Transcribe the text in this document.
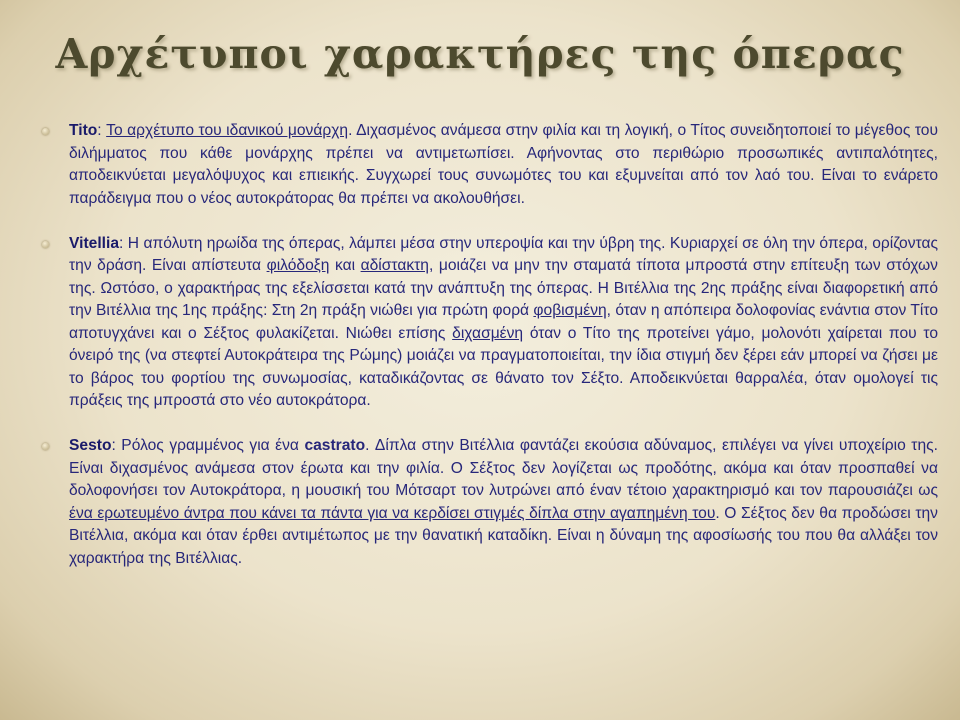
Αρχέτυποι χαρακτήρες της όπερας

Tito: Το αρχέτυπο του ιδανικού μονάρχη. Διχασμένος ανάμεσα στην φιλία και τη λογική, ο Τίτος συνειδητοποιεί το μέγεθος του διλήμματος που κάθε μονάρχης πρέπει να αντιμετωπίσει. Αφήνοντας στο περιθώριο προσωπικές αντιπαλότητες, αποδεικνύεται μεγαλόψυχος και επιεικής. Συγχωρεί τους συνωμότες του και εξυμνείται από τον λαό του. Είναι το ενάρετο παράδειγμα που ο νέος αυτοκράτορας θα πρέπει να ακολουθήσει.

Vitellia: Η απόλυτη ηρωίδα της όπερας, λάμπει μέσα στην υπεροψία και την ύβρη της. Κυριαρχεί σε όλη την όπερα, ορίζοντας την δράση. Είναι απίστευτα φιλόδοξη και αδίστακτη, μοιάζει να μην την σταματά τίποτα μπροστά στην επίτευξη των στόχων της. Ωστόσο, ο χαρακτήρας της εξελίσσεται κατά την ανάπτυξη της όπερας. Η Βιτέλλια της 2ης πράξης είναι διαφορετική από την Βιτέλλια της 1ης πράξης: Στη 2η πράξη νιώθει για πρώτη φορά φοβισμένη, όταν η απόπειρα δολοφονίας ενάντια στον Τίτο αποτυγχάνει και ο Σέξτος φυλακίζεται. Νιώθει επίσης διχασμένη όταν ο Τίτο της προτείνει γάμο, μολονότι χαίρεται που το όνειρό της (να στεφτεί Αυτοκράτειρα της Ρώμης) μοιάζει να πραγματοποιείται, την ίδια στιγμή δεν ξέρει εάν μπορεί να ζήσει με το βάρος του φορτίου της συνωμοσίας, καταδικάζοντας σε θάνατο τον Σέξτο. Αποδεικνύεται θαρραλέα, όταν ομολογεί τις πράξεις της μπροστά στο νέο αυτοκράτορα.

Sesto: Ρόλος γραμμένος για ένα castrato. Δίπλα στην Βιτέλλια φαντάζει εκούσια αδύναμος, επιλέγει να γίνει υποχείριο της. Είναι διχασμένος ανάμεσα στον έρωτα και την φιλία. Ο Σέξτος δεν λογίζεται ως προδότης, ακόμα και όταν προσπαθεί να δολοφονήσει τον Αυτοκράτορα, η μουσική του Μότσαρτ τον λυτρώνει από έναν τέτοιο χαρακτηρισμό και τον παρουσιάζει ως ένα ερωτευμένο άντρα που κάνει τα πάντα για να κερδίσει στιγμές δίπλα στην αγαπημένη του. Ο Σέξτος δεν θα προδώσει την Βιτέλλια, ακόμα και όταν έρθει αντιμέτωπος με την θανατική καταδίκη. Είναι η δύναμη της αφοσίωσής του που θα αλλάξει τον χαρακτήρα της Βιτέλλιας.
